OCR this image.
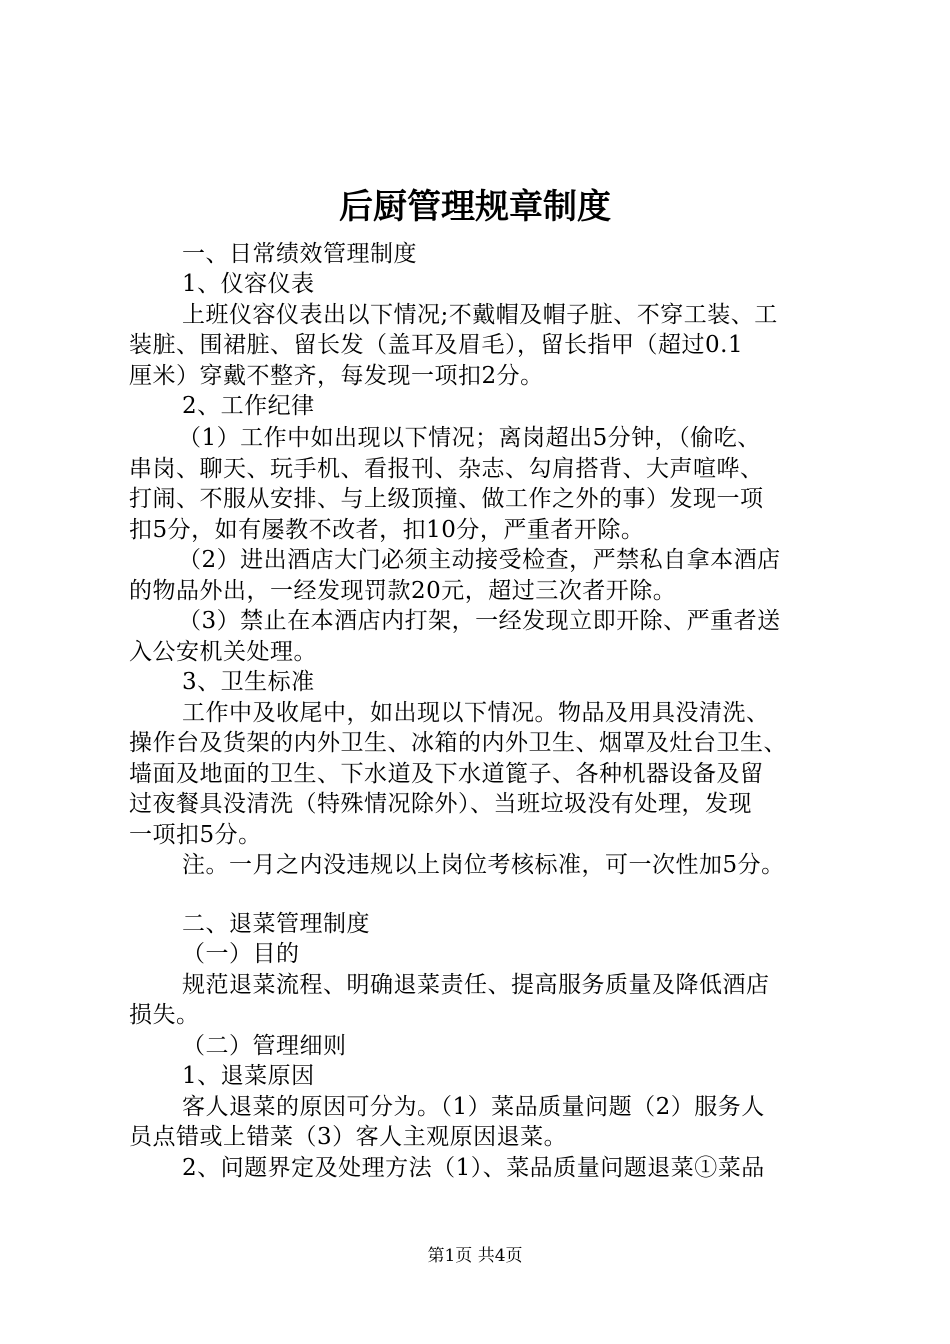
后厨管理规章制度
一、日常绩效管理制度
1、仪容仪表
上班仪容仪表出以下情况;不戴帽及帽子脏、不穿工装、工
装脏、围裙脏、留长发（盖耳及眉毛），留长指甲（超过0.1
厘米）穿戴不整齐，每发现一项扣2分。
2、工作纪律
（1）工作中如出现以下情况；离岗超出5分钟，（偷吃、
串岗、聊天、玩手机、看报刊、杂志、勾肩搭背、大声喧哗、
打闹、不服从安排、与上级顶撞、做工作之外的事）发现一项
扣5分，如有屡教不改者，扣10分，严重者开除。
（2）进出酒店大门必须主动接受检查，严禁私自拿本酒店
的物品外出，一经发现罚款20元，超过三次者开除。
（3）禁止在本酒店内打架，一经发现立即开除、严重者送
入公安机关处理。
3、卫生标准
工作中及收尾中，如出现以下情况。物品及用具没清洗、
操作台及货架的内外卫生、冰箱的内外卫生、烟罩及灶台卫生、
墙面及地面的卫生、下水道及下水道篦子、各种机器设备及留
过夜餐具没清洗（特殊情况除外）、当班垃圾没有处理，发现
一项扣5分。
注。一月之内没违规以上岗位考核标准，可一次性加5分。
二、退菜管理制度
（一）目的
规范退菜流程、明确退菜责任、提高服务质量及降低酒店
损失。
（二）管理细则
1、退菜原因
客人退菜的原因可分为。（1）菜品质量问题（2）服务人
员点错或上错菜（3）客人主观原因退菜。
2、问题界定及处理方法（1）、菜品质量问题退菜①菜品
第1页 共4页
